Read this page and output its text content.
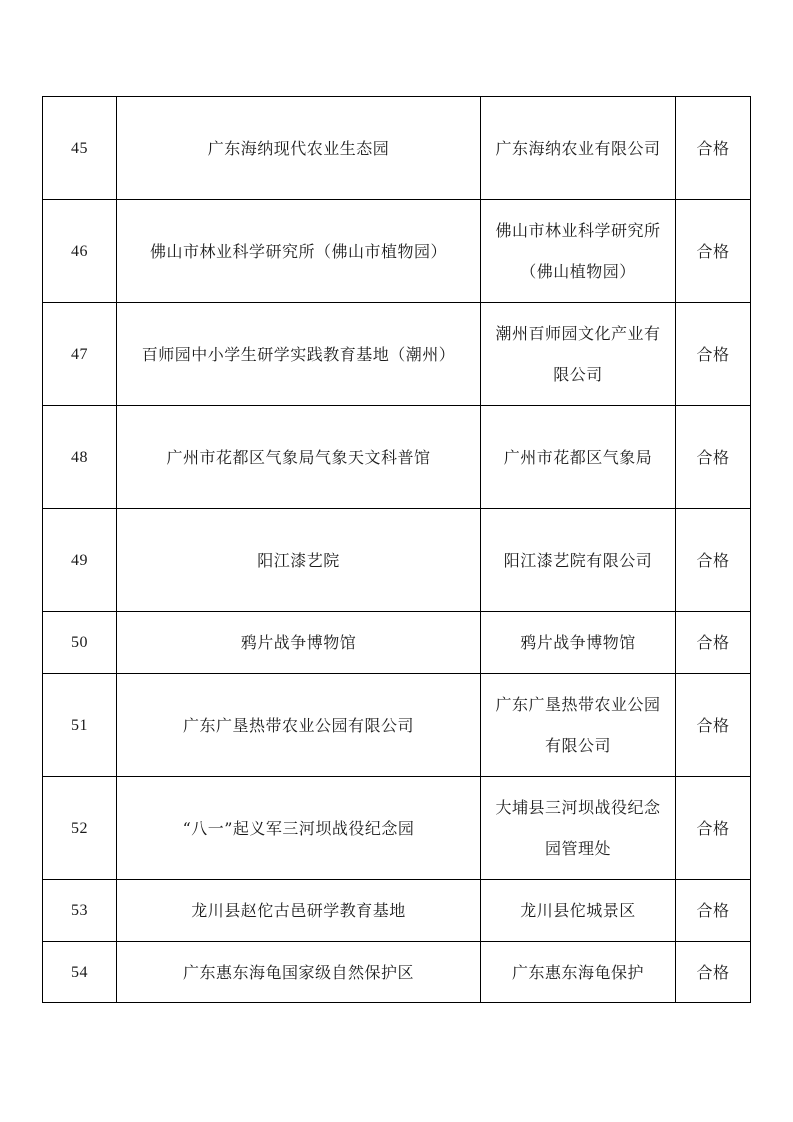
45	广东海纳现代农业生态园	广东海纳农业有限公司	合格
46	佛山市林业科学研究所（佛山市植物园）	佛山市林业科学研究所（佛山植物园）	合格
47	百师园中小学生研学实践教育基地（潮州）	潮州百师园文化产业有限公司	合格
48	广州市花都区气象局气象天文科普馆	广州市花都区气象局	合格
49	阳江漆艺院	阳江漆艺院有限公司	合格
50	鸦片战争博物馆	鸦片战争博物馆	合格
51	广东广垦热带农业公园有限公司	广东广垦热带农业公园有限公司	合格
52	“八一”起义军三河坝战役纪念园	大埔县三河坝战役纪念园管理处	合格
53	龙川县赵佗古邑研学教育基地	龙川县佗城景区	合格
54	广东惠东海龟国家级自然保护区	广东惠东海龟保护	合格
